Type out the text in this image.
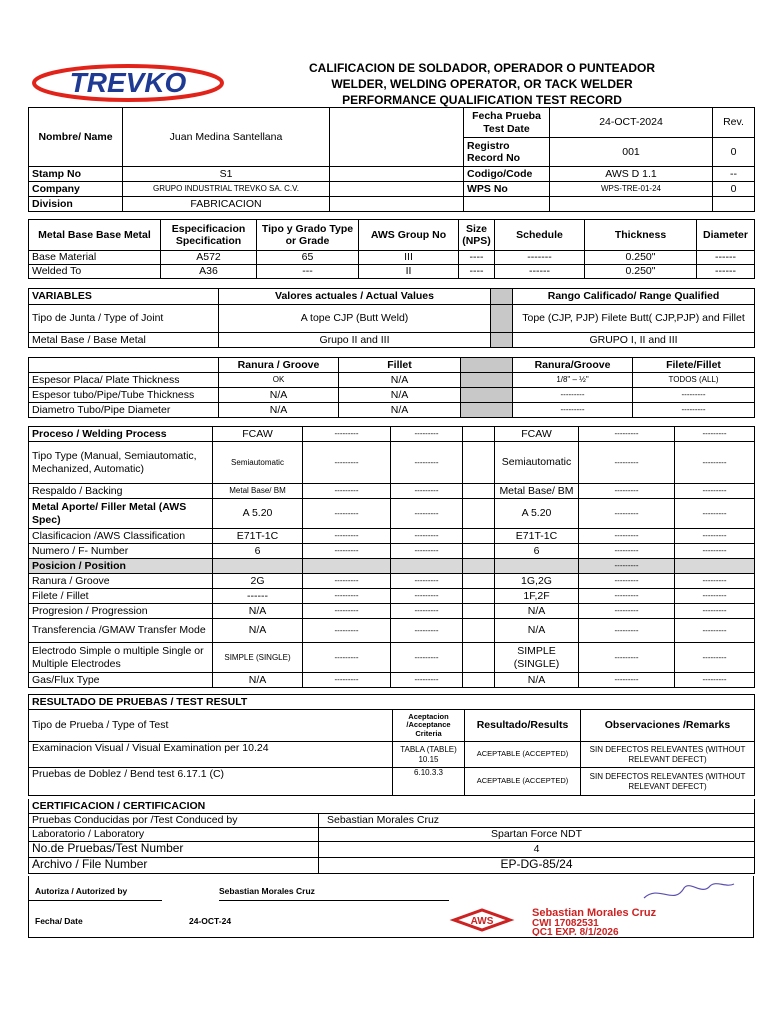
TREVKO	CALIFICACION DE SOLDADOR, OPERADOR O PUNTEADOR
WELDER, WELDING OPERATOR, OR TACK WELDER
PERFORMANCE QUALIFICATION TEST RECORD
Nombre/ Name	Juan Medina Santellana		Fecha Prueba Test Date	24-OCT-2024	Rev.
			Registro Record No	001	0
Stamp No	S1		Codigo/Code	AWS D 1.1	--
Company	GRUPO INDUSTRIAL TREVKO SA. C.V.		WPS No	WPS-TRE-01-24	0
Division	FABRICACION				
Metal Base Base Metal	Especificacion Specification	Tipo y Grado Type or Grade	AWS Group No	Size (NPS)	Schedule	Thickness	Diameter
Base Material	A572	65	III	----	-------	0.250"	------
Welded To	A36	---	II	----	------	0.250"	------
VARIABLES	Valores actuales / Actual Values		Rango Calificado/ Range Qualified
Tipo de Junta / Type of Joint	A tope CJP (Butt Weld)		Tope (CJP, PJP) Filete Butt( CJP,PJP) and Fillet
Metal Base / Base Metal	Grupo II and III		GRUPO I, II and III
	Ranura / Groove	Fillet		Ranura/Groove	Filete/Fillet
Espesor Placa/ Plate Thickness	OK	N/A		1/8" – ½"	TODOS (ALL)
Espesor tubo/Pipe/Tube Thickness	N/A	N/A		---------	---------
Diametro Tubo/Pipe Diameter	N/A	N/A		---------	---------
Proceso / Welding Process	FCAW	---------	---------		FCAW	---------	---------
Tipo Type (Manual, Semiautomatic, Mechanized, Automatic)	Semiautomatic	---------	---------		Semiautomatic	---------	---------
Respaldo / Backing	Metal Base/ BM	---------	---------		Metal Base/ BM	---------	---------
Metal Aporte/ Filler Metal (AWS Spec)	A 5.20	---------	---------		A 5.20	---------	---------
Clasificacion /AWS Classification	E71T-1C	---------	---------		E71T-1C	---------	---------
Numero / F- Number	6	---------	---------		6	---------	---------
Posicion / Position						---------	
Ranura / Groove	2G	---------	---------		1G,2G	---------	---------
Filete / Fillet	------	---------	---------		1F,2F	---------	---------
Progresion / Progression	N/A	---------	---------		N/A	---------	---------
Transferencia /GMAW Transfer Mode	N/A	---------	---------		N/A	---------	---------
Electrodo Simple o multiple Single or Multiple Electrodes	SIMPLE (SINGLE)	---------	---------		SIMPLE (SINGLE)	---------	---------
Gas/Flux Type	N/A	---------	---------		N/A	---------	---------
RESULTADO DE PRUEBAS / TEST RESULT			
Tipo de Prueba / Type of Test	Aceptacion /Acceptance Criteria	Resultado/Results	Observaciones /Remarks
Examinacion Visual / Visual Examination per 10.24	TABLA (TABLE) 10.15	ACEPTABLE (ACCEPTED)	SIN DEFECTOS RELEVANTES (WITHOUT RELEVANT DEFECT)
Pruebas de Doblez / Bend test 6.17.1 (C)	6.10.3.3	ACEPTABLE (ACCEPTED)	SIN DEFECTOS RELEVANTES (WITHOUT RELEVANT DEFECT)
CERTIFICACION / CERTIFICACION	
Pruebas Conducidas por /Test Conduced by	Sebastian Morales Cruz
Laboratorio / Laboratory	Spartan Force NDT
No.de Pruebas/Test Number	4
Archivo / File Number	EP-DG-85/24
Autoriza / Autorized by	Sebastian Morales Cruz
Fecha/ Date	24-OCT-24	AWS
Sebastian Morales Cruz
CWI 17082531
QC1 EXP. 8/1/2026
